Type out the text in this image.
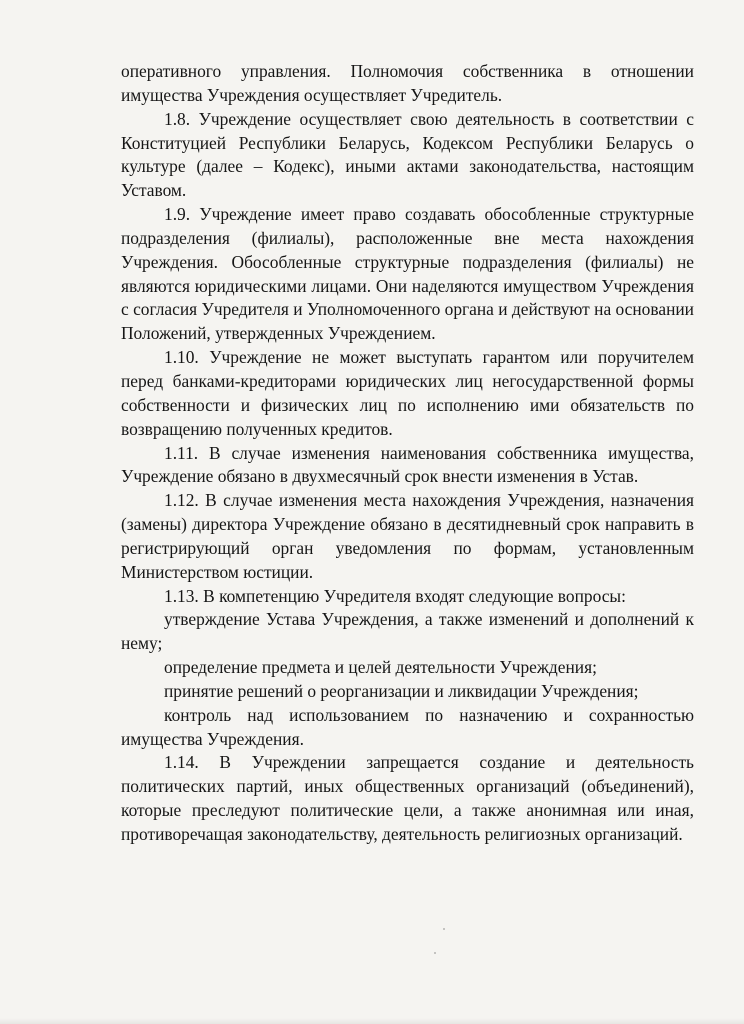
оперативного управления. Полномочия собственника в отношении имущества Учреждения осуществляет Учредитель.

1.8. Учреждение осуществляет свою деятельность в соответствии с Конституцией Республики Беларусь, Кодексом Республики Беларусь о культуре (далее – Кодекс), иными актами законодательства, настоящим Уставом.

1.9. Учреждение имеет право создавать обособленные структурные подразделения (филиалы), расположенные вне места нахождения Учреждения. Обособленные структурные подразделения (филиалы) не являются юридическими лицами. Они наделяются имуществом Учреждения с согласия Учредителя и Уполномоченного органа и действуют на основании Положений, утвержденных Учреждением.

1.10. Учреждение не может выступать гарантом или поручителем перед банками-кредиторами юридических лиц негосударственной формы собственности и физических лиц по исполнению ими обязательств по возвращению полученных кредитов.

1.11. В случае изменения наименования собственника имущества, Учреждение обязано в двухмесячный срок внести изменения в Устав.

1.12. В случае изменения места нахождения Учреждения, назначения (замены) директора Учреждение обязано в десятидневный срок направить в регистрирующий орган уведомления по формам, установленным Министерством юстиции.

1.13. В компетенцию Учредителя входят следующие вопросы:

утверждение Устава Учреждения, а также изменений и дополнений к нему;

определение предмета и целей деятельности Учреждения;

принятие решений о реорганизации и ликвидации Учреждения;

контроль над использованием по назначению и сохранностью имущества Учреждения.

1.14. В Учреждении запрещается создание и деятельность политических партий, иных общественных организаций (объединений), которые преследуют политические цели, а также анонимная или иная, противоречащая законодательству, деятельность религиозных организаций.
